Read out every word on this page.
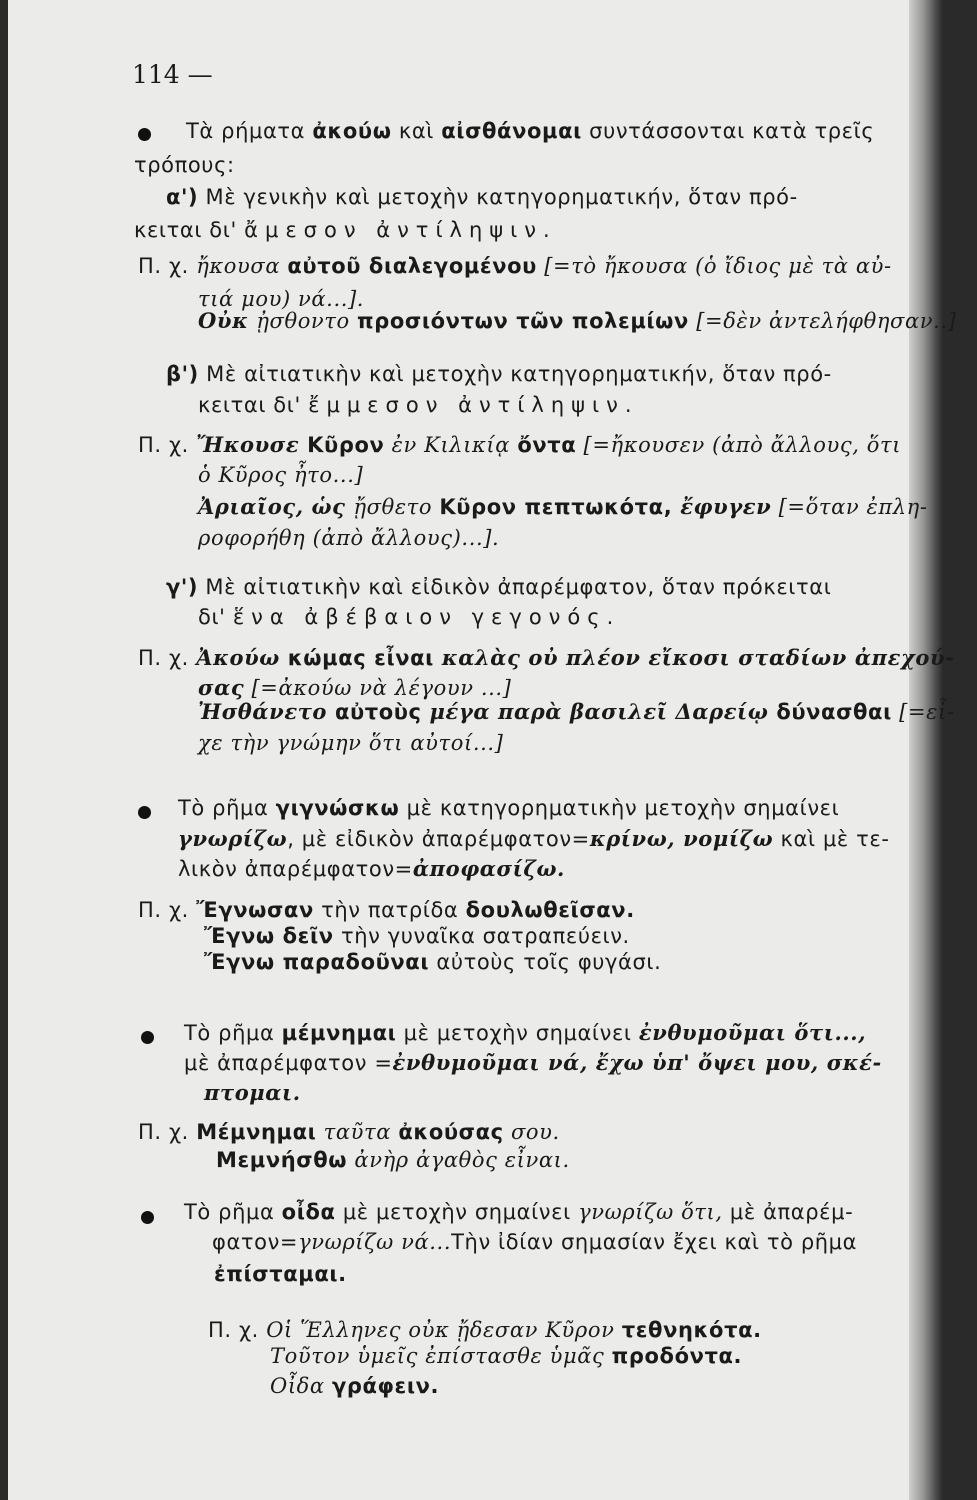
114 —
Τὰ ρήματα ἀκούω καὶ αἰσθάνομαι συντάσσονται κατὰ τρεῖς
τρόπους:
α') Μὲ γενικὴν καὶ μετοχὴν κατηγορηματικήν, ὅταν πρό-
κειται δι' ἄμεσον ἀντίληψιν.
Π. χ. ἤκουσα αὐτοῦ διαλεγομένου [=τὸ ἤκουσα (ὁ ἴδιος μὲ τὰ αὐ-
τιά μου) νά...].
Οὐκ ᾐσθοντο προσιόντων τῶν πολεμίων [=δὲν ἀντελήφθησαν..]
β') Μὲ αἰτιατικὴν καὶ μετοχὴν κατηγορηματικήν, ὅταν πρό-
κειται δι' ἔμμεσον ἀντίληψιν.
Π. χ. Ἤκουσε Κῦρον ἐν Κιλικίᾳ ὄντα [=ἤκουσεν (ἀπὸ ἄλλους, ὅτι
ὁ Κῦρος ἦτο...]
Ἀριαῖος, ὡς ᾔσθετο Κῦρον πεπτωκότα, ἔφυγεν [=ὅταν ἐπλη-
ροφορήθη (ἀπὸ ἄλλους)...].
γ') Μὲ αἰτιατικὴν καὶ εἰδικὸν ἀπαρέμφατον, ὅταν πρόκειται
δι' ἕνα ἀβέβαιον γεγονός.
Π. χ. Ἀκούω κώμας εἶναι καλὰς οὐ πλέον εἴκοσι σταδίων ἀπεχού-
σας [=ἀκούω νὰ λέγουν ...]
Ἠσθάνετο αὐτοὺς μέγα παρὰ βασιλεῖ Δαρείῳ δύνασθαι [=εἶ-
χε τὴν γνώμην ὅτι αὐτοί...]
Τὸ ρῆμα γιγνώσκω μὲ κατηγορηματικὴν μετοχὴν σημαίνει
γνωρίζω, μὲ εἰδικὸν ἀπαρέμφατον=κρίνω, νομίζω καὶ μὲ τε-
λικὸν ἀπαρέμφατον=ἀποφασίζω.
Π. χ. Ἔγνωσαν τὴν πατρίδα δουλωθεῖσαν.
Ἔγνω δεῖν τὴν γυναῖκα σατραπεύειν.
Ἔγνω παραδοῦναι αὐτοὺς τοῖς φυγάσι.
Τὸ ρῆμα μέμνημαι μὲ μετοχὴν σημαίνει ἐνθυμοῦμαι ὅτι...,
μὲ ἀπαρέμφατον =ἐνθυμοῦμαι νά, ἔχω ὑπ' ὄψει μου, σκέ-
πτομαι.
Π. χ. Μέμνημαι ταῦτα ἀκούσας σου.
Μεμνήσθω ἀνὴρ ἀγαθὸς εἶναι.
Τὸ ρῆμα οἶδα μὲ μετοχὴν σημαίνει γνωρίζω ὅτι, μὲ ἀπαρέμ-
φατον=γνωρίζω νά...Τὴν ἰδίαν σημασίαν ἔχει καὶ τὸ ρῆμα
ἐπίσταμαι.
Π. χ. Οἱ Ἕλληνες οὐκ ᾔδεσαν Κῦρον τεθνηκότα.
Τοῦτον ὑμεῖς ἐπίστασθε ὑμᾶς προδόντα.
Οἶδα γράφειν.
